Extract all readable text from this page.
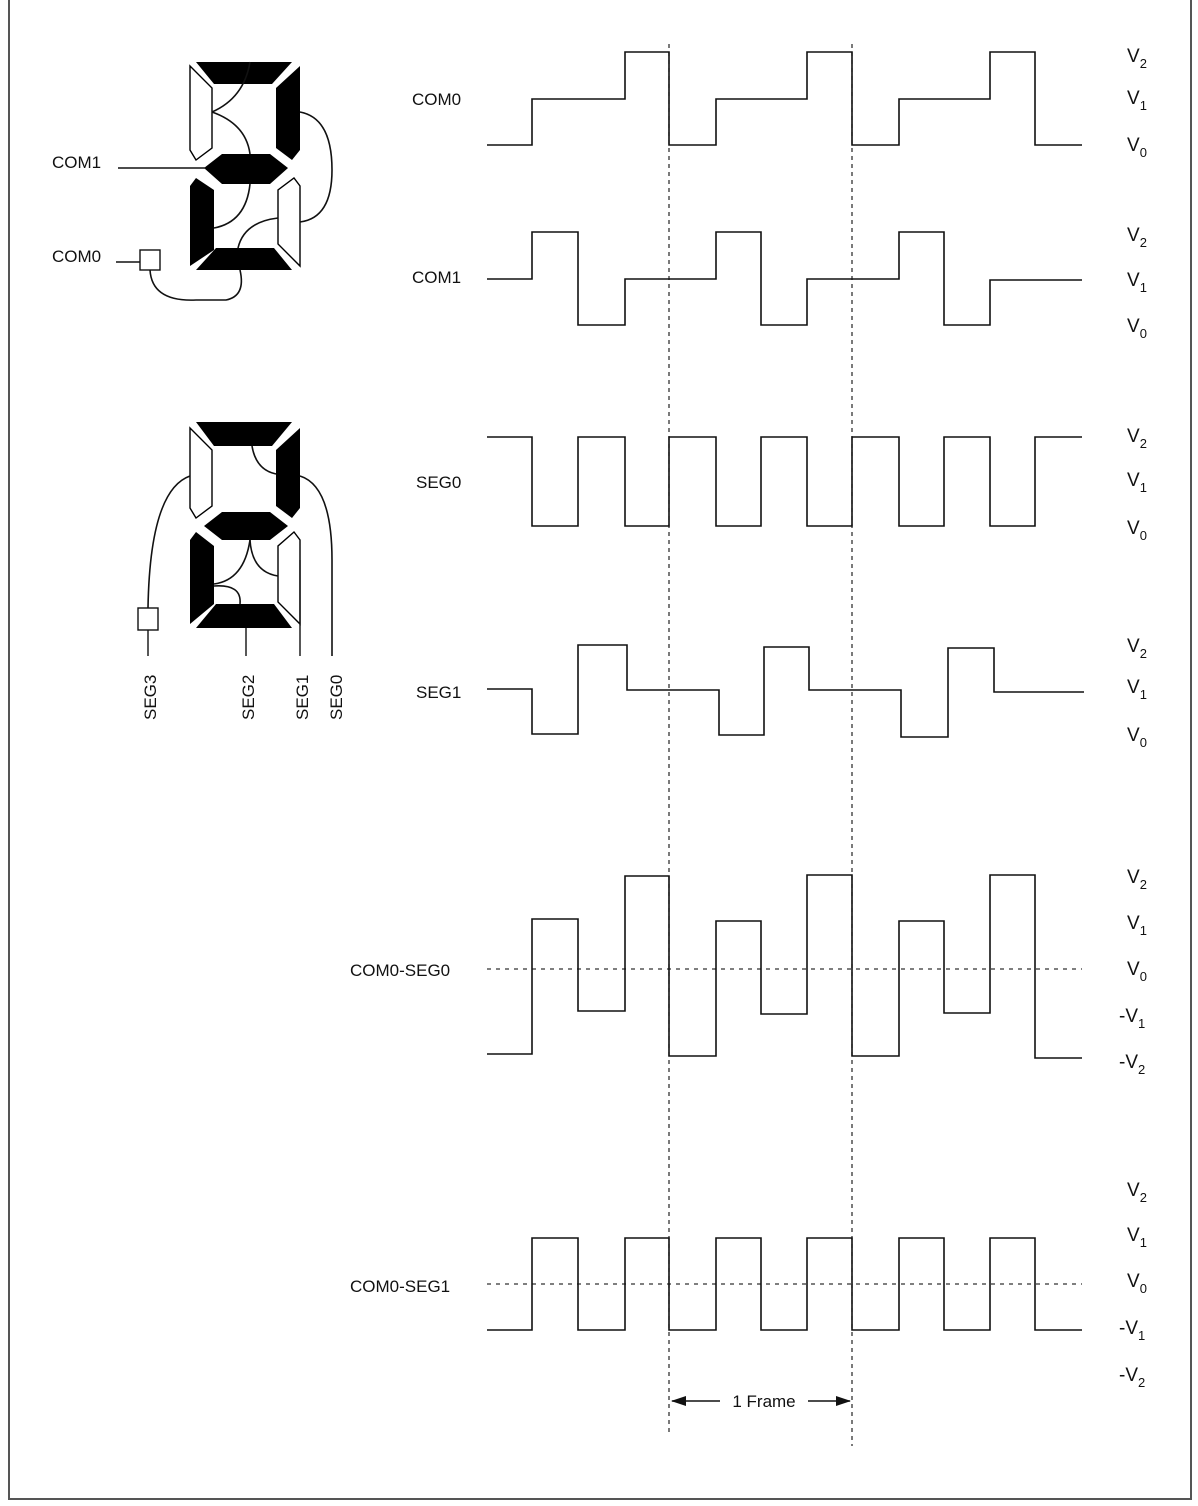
COM1
COM0
SEG3	SEG2 SEG1 SEG0
COM0
COM1
SEG0
SEG1
COM0-SEG0
COM0-SEG1
1 Frame
$V_2$
$V_1$
$V_0$
$V_2$
$V_1$
$V_0$
$V_2$
$V_1$
$V_0$
$V_2$
$V_1$
$V_0$
$V_2$
$V_1$
$V_0$
$-V_1$
$-V_2$
$V_2$
$V_1$
$V_0$
$-V_1$
$-V_2$
